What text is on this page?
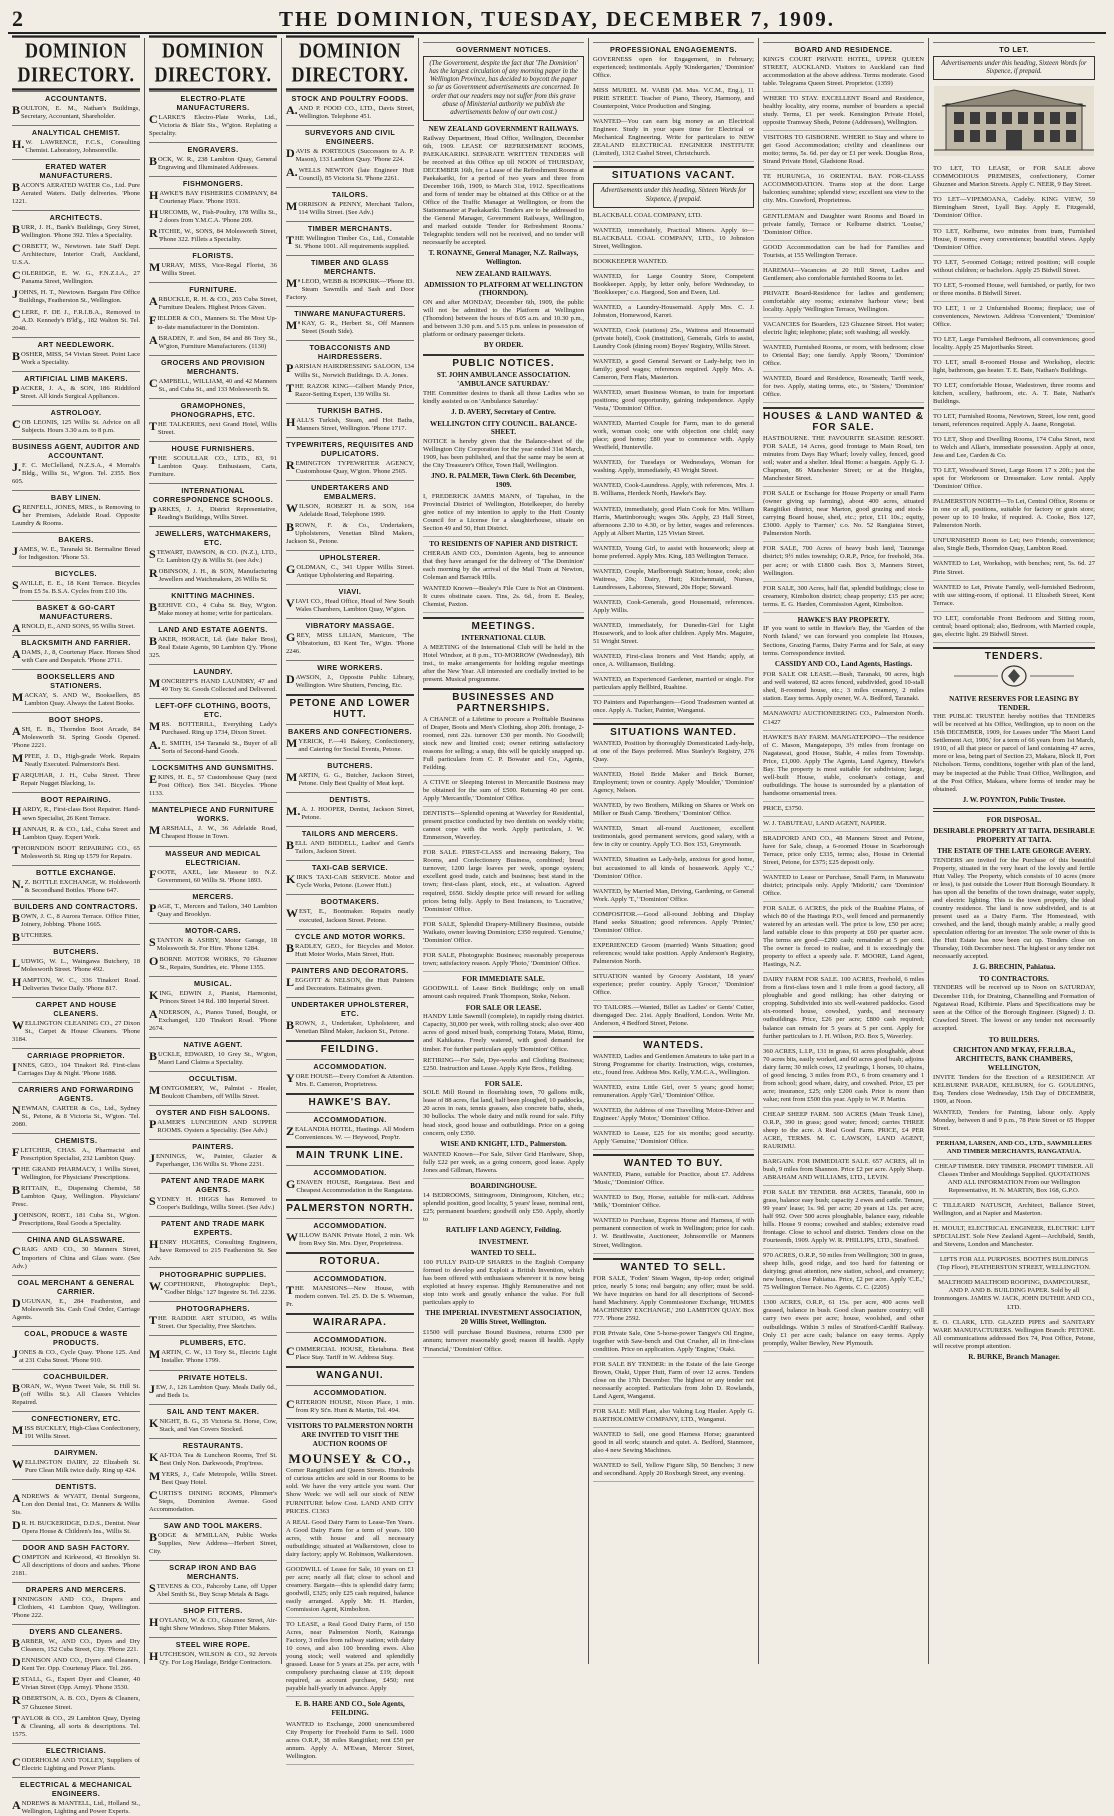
2	THE DOMINION, TUESDAY, DECEMBER 7, 1909.
DOMINION DIRECTORY.
ACCOUNTANTS.
BOULTON, E. M., Nathan's Buildings, Secretary, Accountant, Shareholder.
ANALYTICAL CHEMIST.
H.W. LAWRENCE, F.C.S., Consulting Chemist. Laboratory, Johnsonville.
ERATED WATER MANUFACTURERS.
BACON'S AERATED WATER Co., Ltd. Pure Aerated Waters. Daily deliveries. 'Phone 1221.
ARCHITECTS.
BURR, J. H., Bank's Buildings, Grey Street, Wellington. 'Phone 392. Tiles a Speciality.
CORBETT, W., Newtown. Iate Staff Dept. Architecture, Interior Craft, Auckland, U.S.A.
COLERIDGE, E. W. G., F.N.Z.I.A., 27 Panama Street, Wellington.
JOHNS, H. T., Newtown. Bargain Fire Office Buildings, Featherston St., Wellington.
CLERE, F. DE J., F.R.I.B.A., Removed to A.D. Kennedy's B'ld'g., 182 Walton St. Tel. 2048.
ART NEEDLEWORK.
BOSHER, MISS, 54 Vivian Street. Point Lace Work a Speciality.
ARTIFICIAL LIMB MAKERS.
PACKER, J. A., & SON, 186 Riddiford Street. All kinds Surgical Appliances.
ASTROLOGY.
COB LEONIS, 125 Willis St. Advice on all Subjects. Hours 3.30 a.m. to 8 p.m.
BUSINESS AGENT, AUDITOR AND ACCOUNTANT.
J.F. C. McClelland, N.Z.S.A., 4 Morrah's Bldg., Willis St., W'gton. Tel. 2355. Box 605.
BABY LINEN.
GRENFELL, JONES, MRS., is Removing to her Premises, Adelaide Road. Opposite Laundry & Rooms.
BAKERS.
JAMES, W. E., Taranaki St. Bermaline Bread for Indigestion. 'Phone 53.
BICYCLES.
SAVILLE, E. E., 18 Kent Terrace. Bicycles from £5 5s. B.S.A. Cycles from £10 10s.
BASKET & GO-CART MANUFACTURERS.
ARNOLD, E., AND SONS, 95 Willis Street.
BLACKSMITH AND FARRIER.
ADAMS, J., 8, Courtenay Place. Horses Shod with Care and Despatch. 'Phone 2711.
BOOKSELLERS AND STATIONERS.
MACKAY, S. AND W., Booksellers, 85 Lambton Quay. Always the Latest Books.
BOOT SHOPS.
ASH, E. B., Thorndon Boot Arcade, 84 Molesworth St. Spring Goods Opened. 'Phone 2221.
MPFEE, J. D., High-grade Work. Repairs Neatly Executed. Palmerston's Best.
FARQUHAR, J. H., Cuba Street. Three Repair Nugget Blacking, 1s.
BOOT REPAIRING.
HARDY, R., First-class Boot Repairer. Hand-sewn Specialist, 26 Kent Terrace.
HANNAH, R. & CO., Ltd., Cuba Street and Lambton Quay. Expert Work.
THORNDON BOOT REPAIRING CO., 65 Molesworth St. Ring up 1579 for Repairs.
BOTTLE EXCHANGE.
N.Z. BOTTLE EXCHANGE, W. Holdsworth & Secondhand Bottles. 'Phone 647.
BUILDERS AND CONTRACTORS.
BOWN, J. C., 8 Aurora Terrace. Office Fitter, Joinery, Jobbing. 'Phone 1665.
BUTCHERS.
BUTCHERS.
LUDWIG, W. L., Waingawa Butchery, 18 Molesworth Street. 'Phone 492.
HAMPTON, W. C., 336 Tinakori Road. Deliveries Twice Daily. 'Phone 817.
CARPET AND HOUSE CLEANERS.
WELLINGTON CLEANING CO., 27 Dixon St., Carpet & House Cleaners. 'Phone 3184.
CARRIAGE PROPRIETOR.
INNES, GEO., 104 Tinakori Rd. First-class Carriages Day & Night. 'Phone 1688.
CARRIERS AND FORWARDING AGENTS.
NEWMAN, CARTER & Co., Ltd., Sydney St., Petone, & 8 Victoria St., W'gton. 'Tel. 2080.
CHEMISTS.
FLETCHER, CHAS. A., Pharmacist and Prescription Specialist, 232 Lambton Quay.
THE GRAND PHARMACY, 1 Willis Street, Wellington, for Physicians' Prescriptions.
BRITTAIN, E., Dispensing Chemist, 58 Lambton Quay, Wellington. Physicians' Presc.
JOHNSON, ROBT., 181 Cuba St., W'gton. Prescriptions, Real Goods a Speciality.
CHINA AND GLASSWARE.
CRAIG AND CO., 30 Manners Street, Importers of China and Glass ware. (See Adv.)
COAL MERCHANT & GENERAL CARRIER.
DUGUNAN, E., 284 Featherston, and Molesworth Sts. Cash Coal Order, Carriage Agents.
COAL, PRODUCE & WASTE PRODUCTS.
JONES & CO., Cycle Quay. 'Phone 125. And at 231 Cuba Street. 'Phone 910.
COACHBUILDER.
BORAN, W., Wynn Tweet Vale, St. Hill St. (off Willis St.). All Classes Vehicles Repaired.
CONFECTIONERY, ETC.
MISS BUCKLEY, High-Class Confectionery, 191 Willis Street.
DAIRYMEN.
WELLINGTON DAIRY, 22 Elizabeth St. Pure Clean Milk twice daily. Ring up 424.
DENTISTS.
ANDREWS & WYATT, Dental Surgeons, Lon don Dental Inst., Cr. Manners & Willis Sts.
DR. H. BUCKERIDGE, D.D.S., Dentist. Near Opera House & Children's Ins., Willis St.
DOOR AND SASH FACTORY.
COMPTON and Kirkwood, 43 Brooklyn St. All descriptions of doors and sashes. 'Phone 2181.
DRAPERS AND MERCERS.
INNINGSON AND CO., Drapers and Clothiers, 41 Lambton Quay, Wellington. 'Phone 222.
DYERS AND CLEANERS.
BARBER, W., AND CO., Dyers and Dry Cleaners, 152 Cuba Street, City. 'Phone 221.
DENNISON AND CO., Dyers and Cleaners, Kent Ter. Opp. Courtenay Place. Tel. 266.
ESTALL, G., Expert Dyer and Cleaner, 40 Vivian Street (Opp. Army). 'Phone 3530.
ROBERTSON, A. B. CO., Dyers & Cleaners, 37 Ghuznee Street.
TAYLOR & CO., 29 Lambton Quay, Dyeing & Cleaning, all sorts & descriptions. Tel. 1575.
ELECTRICIANS.
CODERHOLM AND TOLLEY, Suppliers of Electric Lighting and Power Plants.
ELECTRICAL & MECHANICAL ENGINEERS.
ANDREWS & MANTELL, Ltd., Holland St., Wellington, Lighting and Power Experts.
DOMINION DIRECTORY.
ELECTRO-PLATE MANUFACTURERS.
CLARKE'S Electro-Plate Works, Ltd., Victoria & Blair Sts., W'gton. Replating a Speciality.
ENGRAVERS.
BOCK, W. R., 238 Lambton Quay, General Engraving and Illuminated Addresses.
FISHMONGERS.
HAWKE'S BAY FISHERIES COMPANY, 84 Courtenay Place. 'Phone 1931.
HURCOMB, W., Fish-Poultry, 178 Willis St., 2 doors from Y.M.C.A. 'Phone 209.
RITCHIE, W., SONS, 84 Molesworth Street, 'Phone 322. Fillets a Speciality.
FLORISTS.
MURRAY, MISS, Vice-Regal Florist, 36 Willis Street.
FURNITURE.
ARBUCKLE, R. H. & CO., 203 Cuba Street, Furniture Dealers. Highest Prices Given.
FIELDER & CO., Manners St. The Most Up-to-date manufacturer in the Dominion.
ABRADEN, F. and Son, 84 and 86 Tory St., W'gton, Furniture Manufacturers. (1130)
GROCERS AND PROVISION MERCHANTS.
CAMPBELL, WILLIAM, 40 and 42 Manners St., and Cuba St., and 133 Molesworth St.
GRAMOPHONES, PHONOGRAPHS, ETC.
THE TALKERIES, next Grand Hotel, Willis Street.
HOUSE FURNISHERS.
THE SCOULLAR CO., LTD., 83, 91 Lambton Quay. Enthusiasm, Carts, Furniture.
INTERNATIONAL CORRESPONDENCE SCHOOLS.
PARKES, J. J., District Representative, Reading's Buildings, Willis Street.
JEWELLERS, WATCHMAKERS, ETC.
STEWART, DAWSON, & CO. (N.Z.), LTD., Cr. Lambton Q'y & Willis St. (see Adv.)
ROBINSON, J. H., & SON, Manufacturing Jewellers and Watchmakers, 26 Willis St.
KNITTING MACHINES.
BEEHIVE CO., 4 Cuba St. Buy, W'gton. Make money at home; write for particulars.
LAND AND ESTATE AGENTS.
BAKER, HORACE, Ld. (late Baker Bros), Real Estate Agents, 90 Lambton Q'y. 'Phone 325.
LAUNDRY.
MONCRIEFF'S HAND LAUNDRY, 47 and 49 Tory St. Goods Collected and Delivered.
LEFT-OFF CLOTHING, BOOTS, ETC.
MRS. BOTTERILL, Everything Lady's Purchased. Ring up 1734, Dixon Street.
A.E. SMITH, 154 Taranaki St., Buyer of all Sorts of Second-hand Goods.
LOCKSMITHS AND GUNSMITHS.
EKINS, H. E., 57 Customhouse Quay (next Post Office). Box 341. Bicycles. 'Phone 1133.
MANTELPIECE AND FURNITURE WORKS.
MARSHALL, J. W., 36 Adelaide Road, Cheapest House in Town.
MASSEUR AND MEDICAL ELECTRICIAN.
FOOTE, AXEL, late Masseur to N.Z. Government, 60 Willis St. 'Phone 1893.
MERCERS.
PAGE, T., Mercers and Tailors, 340 Lambton Quay and Brooklyn.
MOTOR-CARS.
STANTON & ASHBY, Motor Garage, 18 Molesworth St. For Hire. 'Phone 1284.
OBORNE MOTOR WORKS, 70 Ghuznee St., Repairs, Sundries, etc. 'Phone 1355.
MUSICAL.
KING, EDWIN J., Pianist, Harmonist, Princes Street 14 Rd. 180 Imperial Street.
ANDERSON, A., Pianos Tuned, Bought, or Exchanged, 120 Tinakori Road. 'Phone 2674.
NATIVE AGENT.
BUCKLE, EDWARD, 10 Grey St., W'gton, Maori Land Claims a Speciality.
OCCULTISM.
MONTGOMERY, W., Palmist - Healer, Boulcott Chambers, off Willis Street.
OYSTER AND FISH SALOONS.
PALMER'S LUNCHEON AND SUPPER ROOMS. Oysters a Speciality. (See Adv.)
PAINTERS.
JENNINGS, W., Painter, Glazier & Paperhanger, 136 Willis St. 'Phone 2231.
PATENT AND TRADE MARK AGENTS.
SYDNEY H. HIGGS has Removed to Cooper's Buildings, Willis Street. (See Adv.)
PATENT AND TRADE MARK EXPERTS.
HENRY HUGHES, Consulting Engineers, have Removed to 215 Featherston St. See Adv.
PHOTOGRAPHIC SUPPLIES.
W.COPTHORNE, Photographic Dep't., 'Godber Bldgs.' 127 Ingestre St. Tel. 2236.
PHOTOGRAPHERS.
THE RADDIE ART STUDIO, 45 Willis Street. Our Speciality, Free Sketches.
PLUMBERS, ETC.
MARTIN, C. W., 13 Tory St., Electric Light Installer. 'Phone 1799.
PRIVATE HOTELS.
JEW, J., 126 Lambton Quay. Meals Daily 6d., and Beds 1s.
SAIL AND TENT MAKER.
KNIGHT, B. G., 35 Victoria St. Horse, Cow, Stack, and Van Covers Stocked.
RESTAURANTS.
KAI-TOA Tea & Luncheon Rooms, Tref St. Best Only Non. Darkwoods, Prop'tress.
MYERS, J., Cafe Metropole, Willis Street. Best Quay Hotel.
CURTIS'S DINING ROOMS, Plimmer's Steps, Dominion Avenue. Good Accommodation.
SAW AND TOOL MAKERS.
BODGE & M'MILLAN, Public Works Supplies, New Address—Herbert Street, City.
SCRAP IRON AND BAG MERCHANTS.
STEVENS & CO., Pahcroby Lane, off Upper Abel Smith St., Buy Scrap Metals & Bags.
SHOP FITTERS.
HOYLAND, W. & CO., Ghuznee Street, Air-tight Show Windows. Shop Fitter Makers.
STEEL WIRE ROPE.
HUTCHESON, WILSON & CO., 92 Jervois Q'y. For Log Haulage, Bridge Contractors.
DOMINION DIRECTORY.
STOCK AND POULTRY FOODS.
A.AND P. FOOD CO., LTD., Davis Street, Wellington. Telephone 451.
SURVEYORS AND CIVIL ENGINEERS.
DAVIS & PORTEOUS (Successors to A. P. Mason), 133 Lambton Quay. 'Phone 224.
A.WELLS NEWTON (late Engineer Hutt Council), 85 Victoria St. 'Phone 2261.
TAILORS.
MORRISON & PENNY, Merchant Tailors, 114 Willis Street. (See Adv.)
TIMBER MERCHANTS.
THE Wellington Timber Co., Ltd., Constable St. 'Phone 1001. All requirements supplied.
TIMBER AND GLASS MERCHANTS.
M'LEOD, WEBB & HOPKIRK—'Phone 83. Steam Sawmills and Sash and Door Factory.
TINWARE MANUFACTURERS.
M'KAY, G. R., Herbert St., Off Manners Street (South Side).
TOBACCONISTS AND HAIRDRESSERS.
PARISIAN HAIRDRESSING SALOON, 134 Willis St., Norwich Buildings. D. A. Jones.
THE RAZOR KING—Gilbert Mandy Price, Razor-Setting Expert, 139 Willis St.
TURKISH BATHS.
HALL'S Turkish, Steam, and Hot Baths, Manners Street, Wellington. 'Phone 1717.
TYPEWRITERS, REQUISITES AND DUPLICATORS.
REMINGTON TYPEWRITER AGENCY, Customhouse Quay, W'gton. 'Phone 2565.
UNDERTAKERS AND EMBALMERS.
WILSON, ROBERT H. & SON, 164 Adelaide Road, Telephone 1999.
BROWN, F. & Co., Undertakers, Upholsterers, Venetian Blind Makers, Jackson St., Petone.
UPHOLSTERER.
GOLDMAN, C., 341 Upper Willis Street. Antique Upholstering and Repairing.
VIAVI.
VIAVI CO., Head Office, Head of New South Wales Chambers, Lambton Quay, W'gton.
VIBRATORY MASSAGE.
GREY, MISS LILIAN, Manicure, 'The Vibratorium, 83 Kent Ter., W'gtn. 'Phone 2246.
WIRE WORKERS.
DAWSON, J., Opposite Public Library, Wellington. Wire Shutters, Fencing, Etc.
PETONE AND LOWER HUTT.
BAKERS AND CONFECTIONERS.
MYERICK, F.—41 Bakery, Confectionery, and Catering for Social Events, Petone.
BUTCHERS.
MARTIN, G. G., Butcher, Jackson Street, Petone. Only Best Quality of Meat kept.
DENTISTS.
M.A. J. HOOPER, Dentist, Jackson Street, Petone.
TAILORS AND MERCERS.
BELL AND BIDDELL, Ladies' and Gent's Tailors, Jackson Street.
TAXI-CAB SERVICE.
KIRK'S TAXI-CAB SERVICE. Motor and Cycle Works, Petone. (Lower Hutt.)
BOOTMAKERS.
WEST, E., Bootmaker. Repairs neatly executed, Jackson Street. Petone.
CYCLE AND MOTOR WORKS.
BRADLEY, GEO., for Bicycles and Motor. Hutt Motor Works, Main Street, Hutt.
PAINTERS AND DECORATORS.
LEGGOTT & NELSON, the Hutt Painters and Decorators. Estimates given.
UNDERTAKER UPHOLSTERER, ETC.
BROWN, J., Undertaker, Upholsterer, and Venetian Blind Maker, Jackson St., Petone.
FEILDING.
ACCOMMODATION.
YORE HOUSE—Every Comfort & Attention. Mrs. E. Cameron, Proprietress.
HAWKE'S BAY.
ACCOMMODATION.
ZEALANDIA HOTEL, Hastings. All Modern Conveniences. W. — Heywood, Prop'tr.
MAIN TRUNK LINE.
ACCOMMODATION.
GENAVEN HOUSE, Rangataua. Best and Cheapest Accommodation in the Rangataua.
PALMERSTON NORTH.
ACCOMMODATION.
WILLOW BANK Private Hotel, 2 min. Wk from Rwy Stn. Mrs. Dyer, Proprietress.
ROTORUA.
ACCOMMODATION.
THE MANSIONS—New House, with modern conven. Tel. 25. D. De S. Wiseman, Pr.
WAIRARAPA.
ACCOMMODATION.
COMMERCIAL HOUSE, Eketahuna. Best Place Stay. Tariff in W. Address Stay.
WANGANUI.
ACCOMMODATION.
CRITERION HOUSE, Nixon Place, 1 min. from R'y St'n. Hunt & Martin, Tel. 494.
VISITORS TO PALMERSTON NORTH ARE INVITED TO VISIT THE AUCTION ROOMS OF
MOUNSEY & CO.,
Corner Rangitikei and Queen Streets. Hundreds of curious articles are sold in our Rooms to be sold. We have the very article you want. Our Show Week: we will sell our stock of NEW FURNITURE below Cost. LAND AND CITY PRICES. C1363
A REAL Good Dairy Farm to Lease-Ten Years. A Good Dairy Farm for a term of years. 100 acres, with house and all necessary outbuildings; situated at Walkerstown, close to dairy factory; apply W. Robinson, Walkerstown.
GOODWILL of Lease for Sale, 10 years on £1 per acre; nearly all flat; close to school and creamery. Bargain—this is splendid dairy farm; goodwill, £325; only £25 cash required, balance easily arranged. Apply Mr. H. Harden, Commission Agent, Kimbolton.
TO LEASE, a Real Good Dairy Farm, of 150 Acres, near Palmerston North, Kairanga Factory, 3 miles from railway station; with dairy 10 cows, and also 100 breeding ewes. Also young stock; well watered and splendidly grassed. Lease for 5 years at 25s. per acre, with compulsory purchasing clause at £19; deposit required, as account purchase, £450; rent payable half-yearly in advance. Apply
E. B. HARE AND CO., Sole Agents, FEILDING.
WANTED to Exchange, 2000 unencumbered City Property for Freehold Farm to Sell. 1600 acres O.R.P., 38 miles Rangitikei; rent £50 per annum. Apply A. M'Ewan, Mercer Street, Wellington.
GOVERNMENT NOTICES.
(The Government, despite the fact that 'The Dominion' has the largest circulation of any morning paper in the Wellington Province, has decided to boycott the paper so far as Government advertisements are concerned. In order that our readers may not suffer from this grave abuse of Ministerial authority we publish the advertisements below of our own cost.)
NEW ZEALAND GOVERNMENT RAILWAYS.
Railway Department, Head Office, Wellington, December 6th, 1909. LEASE OF REFRESHMENT ROOMS, PAEKAKARIKI. SEPARATE WRITTEN TENDERS will be received at this Office up till NOON of THURSDAY, DECEMBER 16th, for a Lease of the Refreshment Rooms at Paekakariki, for a period of two years and three from December 16th, 1909, to March 31st, 1912. Specifications and form of tender may be obtained at this Office or at the Office of the Traffic Manager at Wellington, or from the Stationmaster at Paekakariki. Tenders are to be addressed to the General Manager, Government Railways, Wellington, and marked outside 'Tender for Refreshment Rooms.' Telegraphic tenders will not be received, and no tender will necessarily be accepted.
T. RONAYNE, General Manager, N.Z. Railways, Wellington.
NEW ZEALAND RAILWAYS.
ADMISSION TO PLATFORM AT WELLINGTON (THORNDON).
ON and after MONDAY, December 6th, 1909, the public will not be admitted to the Platform at Wellington (Thorndon) between the hours of 8.05 a.m. and 10.30 p.m., and between 3.30 p.m. and 5.15 p.m. unless in possession of platform or ordinary passenger tickets.
BY ORDER.
PUBLIC NOTICES.
ST. JOHN AMBULANCE ASSOCIATION. 'AMBULANCE SATURDAY.'
THE Committee desires to thank all those Ladies who so kindly assisted us on 'Ambulance Saturday.'
J. D. AVERY, Secretary of Centre.
WELLINGTON CITY COUNCIL. BALANCE-SHEET.
NOTICE is hereby given that the Balance-sheet of the Wellington City Corporation for the year ended 31st March, 1909, has been published, and that the same may be seen at the City Treasurer's Office, Town Hall, Wellington.
JNO. R. PALMER, Town Clerk. 6th December, 1909.
I, FREDERICK JAMES MANN, of Tapuhau, in the Provincial District of Wellington, Hotelkeeper, do hereby give notice of my intention to apply to the Hutt County Council for a License for a slaughterhouse, situate on Section 49 and 50, Hutt District.
TO RESIDENTS OF NAPIER AND DISTRICT.
CHERAB AND CO., Dominion Agents, beg to announce that they have arranged for the delivery of 'The Dominion' each morning by the arrival of the Mail Train at Newton, Coleman and Barrack Hills.
WANTED Known—Bealey's File Cure is Not an Ointment. It cures obstinate cases. Tins, 2s. 6d., from E. Bealey, Chemist, Paxton.
MEETINGS.
INTERNATIONAL CLUB.
A MEETING of the International Club will be held in the Hotel Windsor, at 8 p.m., TO-MORROW (Wednesday), 8th inst., to make arrangements for holding regular meetings after the New Year. All interested are cordially invited to be present. Musical programme.
BUSINESSES AND PARTNERSHIPS.
A CHANCE of a Lifetime to procure a Profitable Business of Draper, Boots and Men's Clothing, shop 20ft. frontage, 2-roomed, rent 22s. turnover £30 per month. No Goodwill; stock new and limited cost; owner retiring satisfactory reasons for selling; a snap, this will be quickly snapped up. Full particulars from C. P. Bowater and Co., Agents, Feilding.
A CTIVE or Sleeping Interest in Mercantile Business may be obtained for the sum of £500. Returning 40 per cent. Apply 'Mercantile,' 'Dominion' Office.
DENTISTS—Splendid opening at Waverley for Residential, present practice conducted by two dentists on weekly visits; cannot cope with the work. Apply particulars, J. W. Emmerson, Waverley.
FOR SALE. FIRST-CLASS and increasing Bakery, Tea Rooms, and Confectionery Business, combined; bread turnover, 1200 large loaves per week, sponge oysters; excellent good trade, catch and business; best stand in the town; first-class plant, stock, etc., at valuation. Agreed required, £650. Sickly despite price will reward for selling prices being fully. Apply to Best Instances, to 'Lucrative,' 'Dominion' Office.
FOR SALE, Splendid Drapery-Millinery Business, outside Waikato, owner leaving Dominion; £350 required. 'Genuine,' 'Dominion' Office.
FOR SALE, Photographic Business; reasonably prosperous town; satisfactory reason. Apply 'Photo,' 'Dominion' Office.
FOR IMMEDIATE SALE.
GOODWILL of Lease Brick Buildings; only on small amount cash required. Frank Thompson, Stoke, Nelson.
FOR SALE OR LEASE.
HANDY Little Sawmill (complete), in rapidly rising district. Capacity, 30,000 per week, with rolling stock; also over 400 acres of good mixed bush, comprising Totara, Matai, Rimu, and Kahikatea. Freely watered, with good demand for timber. For further particulars apply 'Dominion' Office.
RETIRING—For Sale, Dye-works and Clothing Business; £250. Instruction and Lease. Apply Kyte Bros., Feilding.
FOR SALE.
SOLE Mill Round in flourishing town, 70 gallons milk, lease of 88 acres, flat land, half been ploughed, 10 paddocks, 20 acres in oats, tennis grasses, also concrete baths, sheds, 30 bullocks. The whole dairy and milk round for sale. Fifty head stock, good house and outbuildings. Price on a going concern, only £350.
WISE AND KNIGHT, LTD., Palmerston.
WANTED Known—For Sale, Silver Grid Hardware, Shop, fully £22 per week, as a going concern, good lease. Apply Jones and Gillman, Hawera.
BOARDINGHOUSE.
14 BEDROOMS, Sittingroom, Diningroom, Kitchen, etc.; splendid position, good locality, 5 years' lease, nominal rent, £25; permanent boarders; goodwill only £50. Apply, shortly to
RATLIFF LAND AGENCY, Feilding.
INVESTMENT.
WANTED TO SELL.
100 FULLY PAID-UP SHARES in the English Company formed to develop and Exploit a British Invention, which has been offered with enthusiasm wherever it is now being exploited at heavy expense. Highly Remunerative and not stop into work and greatly enhance the value. For full particulars apply to
THE IMPERIAL INVESTMENT ASSOCIATION, 20 Willis Street, Wellington.
£1500 will purchase Bound Business, returns £300 per annum; turnover reasonably good; reason ill health. Apply 'Financial,' 'Dominion' Office.
PROFESSIONAL ENGAGEMENTS.
GOVERNESS open for Engagement, in February; experienced; testimonials. Apply 'Kindergarten,' 'Dominion' Office.
MISS MURIEL M. VABB (M. Mus. V.C.M., Eng.), 11 PIRIE STREET. Teacher of Piano, Theory, Harmony, and Counterpoint, Voice Production and Singing.
WANTED—You can earn big money as an Electrical Engineer. Study in your spare time for Electrical or Mechanical Engineering. Write for particulars to NEW ZEALAND ELECTRICAL ENGINEER INSTITUTE (Limited), 1312 Cashel Street, Christchurch.
SITUATIONS VACANT.
Advertisements under this heading, Sixteen Words for Sixpence, if prepaid.
BLACKBALL COAL COMPANY, LTD.
WANTED, immediately, Practical Miners. Apply to— BLACKBALL COAL COMPANY, LTD., 10 Johnston Street, Wellington.
BOOKKEEPER WANTED.
WANTED, for Large Country Store, Competent Bookkeeper. Apply, by letter only, before Wednesday, to 'Bookkeeper,' c.o. Hargood, Son and Ewen, Ltd.
WANTED, a Laundry-Housemaid. Apply Mrs. C. J. Johnston, Homewood, Karori.
WANTED, Cook (stations) 25s., Waitress and Housemaid (private hotel), Cook (institution), Generals, Girls to assist, Laundry Cook (dining room) Boyes' Registry, Willis Street.
WANTED, a good General Servant or Lady-help; two in family; good wages; references required. Apply Mrs. A. Cameron, Fern Flats, Masterton.
WANTED, smart Business Woman, to train for important positions; good opportunity, gaining independence. Apply 'Vesta,' 'Dominion' Office.
WANTED, Married Couple for Farm, man to do general work, woman cook; one with objection one child; easy place; good home; £80 year to commence with. Apply Westfield, Hunterville.
WANTED, for Tuesdays or Wednesdays, Woman for washing. Apply, immediately, 43 Wright Street.
WANTED, Cook-Laundress. Apply, with references, Mrs. J. B. Williams, Herdeck North, Hawke's Bay.
WANTED, immediately, good Plain Cook for Mrs. William Harris, Martinborough; wages 30s. Apply, 23 Hall Street, afternoons 2.30 to 4.30, or by letter, wages and references. Apply at Albert Martin, 125 Vivian Street.
WANTED, Young Girl, to assist with housework; sleep at home preferred. Apply Mrs. King, 183 Wellington Terrace.
WANTED, Couple, Marlborough Station; house, cook; also Waitress, 20s; Dairy, Hutt; Kitchenmaid, Nurses, Laundresses, Laboress, Steward, 20s Hope; Steward.
WANTED, Cook-Generals, good Housemaid, references. Apply Willis.
WANTED, immediately, for Dunedin-Girl for Light Housework, and to look after children. Apply Mrs. Maguire, 51 Wright Street.
WANTED, First-class Ironers and Vest Hands; apply, at once, A. Williamson, Building.
WANTED, an Experienced Gardener, married or single. For particulars apply Bellbird, Ruahine.
TO Painters and Paperhangers—Good Tradesmen wanted at once. Apply A. Tucker, Painter, Wanganui.
SITUATIONS WANTED.
WANTED, Position by thoroughly Domesticated Lady-help, at one of the Bays preferred. Miss Stanley's Registry, 276 Quay.
WANTED, Hotel Bride Maker and Brick Burner, Employment; town or country. Apply 'Moulder,' 'Dominion' Agency, Nelson.
WANTED, by two Brothers, Milking on Shares or Work on Milker or Bush Camp. 'Brothers,' 'Dominion' Office.
WANTED, Smart all-round Auctioneer, excellent testimonials, good permanent services, good salary, with a few in city or country. Apply T.O. Box 153, Greymouth.
WANTED, Situation as Lady-help, anxious for good home, but accustomed to all kinds of housework. Apply 'C.,' 'Dominion' Office.
WANTED, by Married Man, Driving, Gardening, or General Work. Apply 'T.,' 'Dominion' Office.
COMPOSITOR.—Good all-round Jobbing and Display Hand seeks Situation; good references. Apply 'Printer,' 'Dominion' Office.
EXPERIENCED Groom (married) Wants Situation; good references; would take position. Apply Anderson's Registry, Palmerston North.
SITUATION wanted by Grocery Assistant, 18 years' experience; prefer country. Apply 'Grocer,' 'Dominion' Office.
TO TAILORS.—Wanted, Billet as Ladies' or Gents' Cutter, disengaged Dec. 21st. Apply Bradford, London. Write Mr. Anderson, 4 Bedford Street, Petone.
WANTEDS.
WANTED, Ladies and Gentlemen Amateurs to take part in a Strong Programme for charity. Instruction, wigs, costumes, etc., found free. Address Mrs. Kelly, Y.M.C.A., Wellington.
WANTED, extra Little Girl, over 5 years; good home; remuneration. Apply 'Girl,' 'Dominion' Office.
WANTED, the Address of one Travelling 'Motor-Driver and Engineer.' Apply 'Motor,' 'Dominion' Office.
WANTED to Lease, £25 for six months; good security. Apply 'Genuine,' 'Dominion' Office.
WANTED TO BUY.
WANTED, Piano, suitable for Practice, about £7. Address 'Music,' 'Dominion' Office.
WANTED to Buy, Horse, suitable for milk-cart. Address 'Milk,' 'Dominion' Office.
WANTED to Purchase, Express Horse and Harness, if with permanent connection of work in Wellington; price for cash. J. W. Braithwaite, Auctioneer, Johnsonville or Manners Street, Wellington.
WANTED TO SELL.
FOR SALE, 'Foden' Steam Wagon, tip-top order; original price, nearly 5 tons; real bargain; any offer; must be sold. We have inquiries on hand for all descriptions of Second-hand Machinery. Apply Commissioner Exchange, 'HUMES MACHINERY EXCHANGE,' 260 LAMBTON QUAY. Box 777. 'Phone 2592.
FOR Private Sale, One 5-horse-power Tangye's Oil Engine, together with Saw-bench and Out Crusher, all in first-class condition. Price on application. Apply 'Engine,' Otaki.
FOR SALE BY TENDER: in the Estate of the late George Brown, Otaki, Upper Hutt, Farm of over 12 acres. Tenders close on the 17th December. The highest or any tender not necessarily accepted. Particulars from John D. Rowlands, Land Agent, Wanganui.
FOR SALE: Mill Plant, also Valuing Log Hauler. Apply G. BARTHOLOMEW COMPANY, LTD., Wanganui.
WANTED to Sell, one good Harness Horse; guaranteed good in all work; staunch and quiet. A. Bedford, Stanmore, also 4 new Sewing Machines.
WANTED to Sell, Yellow Figure Slip, 50 Benches; 3 new and secondhand. Apply 20 Roxburgh Street, any evening.
BOARD AND RESIDENCE.
KING'S COURT PRIVATE HOTEL, UPPER QUEEN STREET, AUCKLAND. Visitors to Auckland can find accommodation at the above address. Terms moderate. Good table. Telegrams Queen Street. Proprietor. (1359)
WHERE TO STAY. EXCELLENT Board and Residence, healthy locality, airy rooms, number of boarders a special study. Terms, £1 per week. Kensington Private Hotel, opposite Tramway Sheds, Petone (Addresses), Wellington.
VISITORS TO GISBORNE. WHERE to Stay and where to get Good Accommodation; civility and cleanliness our motto; terms, 5s. 6d. per day or £1 per week. Douglas Ross, Strand Private Hotel, Gladstone Road.
TE HURUNGA, 16 ORIENTAL BAY. FOR-CLASS ACCOMMODATION. Trams stop at the door. Large balconies; sunshine; splendid view; excellent sea view to the city. Mrs. Crawford, Proprietress.
GENTLEMAN and Daughter want Rooms and Board in private family, Terrace or Kelburne district. 'Louise,' 'Dominion' Office.
GOOD Accommodation can be had for Families and Tourists, at 155 Wellington Terrace.
HAREMAI—Vacancies at 20 Hill Street, Ladies and Gentlemen; also comfortable furnished Rooms to let.
PRIVATE Board-Residence for ladies and gentlemen; comfortable airy rooms; extensive harbour view; best locality. Apply 'Wellington Terrace, Wellington.
VACANCIES for Boarders, 123 Ghuznee Street. Hot water; electric light; telephone; plate; soft washing; all weekly.
WANTED, Furnished Rooms, or room, with bedroom; close to Oriental Bay; one family. Apply 'Room,' 'Dominion' Office.
WANTED, Board and Residence, Roseneath; Tariff week, for two. Apply, stating terms, etc., to 'Sisters,' 'Dominion' Office.
HOUSES & LAND WANTED & FOR SALE.
HASTBOURNE. THE FAVOURITE SEASIDE RESORT. FOR SALE, 14 Acres, good frontage to Main Road, ten minutes from Days Bay Wharf; lovely valley, fenced, good soil; water and a shelter. Ideal Home: a bargain. Apply G. J. Chapman, 86 Manchester Street; or at the Heights, Manchester Street.
FOR SALE or Exchange for House Property or small Farm (owner giving up farming), about 400 acres, situated Rangitikei district, near Marton, good grazing and stock-carrying Board house, shed, etc.; price, £11 10s.; equity, £3000. Apply to 'Farmer,' c.o. No. 52 Rangiatea Street, Palmerston North.
FOR SALE, 700 Acres of heavy bush land, Tauranga district; 9½ miles township; O.R.P., Price, for freehold, 36s. per acre; or with £1800 cash. Box 3, Manners Street, Wellington.
FOR SALE, 300 Acres, half flat, splendid buildings; close to creamery, Kimbolton district; cheap property; £15 per acre; terms. E. G. Harden, Commission Agent, Kimbolton.
HAWKE'S BAY PROPERTY.
IF you want to settle in Hawke's Bay, the 'Garden of the North Island,' we can forward you complete list Houses, Sections, Grazing Farms, Dairy Farms and for Sale, at easy terms. Correspondence invited.
CASSIDY AND CO., Land Agents, Hastings.
FOR SALE OR LEASE.—Bush, Taranaki, 90 acres, high and well watered, 82 acres fenced, subdivided, good 10-stall shed, 8-roomed house, etc.; 3 miles creamery, 2 miles station. Easy terms. Apply owner, W. A. Bedford, Taranaki.
MANAWATU AUCTIONEERING CO., Palmerston North. C1427
HAWKE'S BAY FARM. MANGATEPOPO—The residence of C. Mason, Mangatepopo, 3½ miles from frontage on Nagatawai, good House, Stable, 4 miles from Township. Price, £1,000. Apply The Agents, Land Agency, Hawke's Bay. The property is most suitable for subdivision; large, well-built House, stable, cookman's cottage, and outbuildings. The house is surrounded by a plantation of handsome ornamental trees.
PRICE, £3750.
W. J. TABUTEAU, LAND AGENT, NAPIER.
BRADFORD AND CO., 48 Manners Street and Petone, have for Sale, cheap, a 6-roomed House in Scarborough Terrace, price only £335, terms; also, House in Oriental Street, Petone, for £375; £25 deposit only.
WANTED to Lease or Purchase, Small Farm, in Manawatu district; principals only. Apply 'Midoriti,' care 'Dominion' Office.
FOR SALE. 6 ACRES, the pick of the Ruahine Plains, of which 80 of the Hastings P.O., well fenced and permanently watered by an artesian well. The price is low, £50 per acre; land suitable close to this property at £60 per quarter acre. The terms are good—£200 cash; remainder at 5 per cent. The owner is forced to realise, and it is exceedingly the property to effect a speedy sale. F. MOORE, Land Agent, Hastings, N.Z.
DAIRY FARM FOR SALE. 100 ACRES, Freehold, 6 miles from a first-class town and 1 mile from a good factory, all ploughable and good milking; has other dairying or cropping. Subdivided into six well-watered paddocks. Good six-roomed house, cowshed, yards, and necessary outbuildings. Price, £26 per acre; £800 cash required; balance can remain for 5 years at 5 per cent. Apply for further particulars to J. H. Wilson, P.O. Box 5, Waverley.
360 ACRES, L.I.P., 131 in grass, 61 acres ploughable, about 70 acres bits, easily worked, and 60 acres good bush; adjoins dairy farm; 30 milch cows, 12 yearlings, 1 horses, 10 chains, of good fencing, 3 miles from P.O., 6 from creamery and 1 from school; good whare, dairy, and cowshed. Price, £5 per acre; insurance, £25; only £200 cash. Price is more than value; rent from £500 this year. Apply to W. P. Martin.
CHEAP SHEEP FARM. 500 ACRES (Main Trunk Line), O.R.P., 390 in grass; good water; fenced; carries THREE sheep to the acre. A Real Good Farm. PRICE, £4 PER ACRE, TERMS. M. C. LAWSON, LAND AGENT, RAURIMU.
BARGAIN. FOR IMMEDIATE SALE. 657 ACRES, all in bush, 9 miles from Shannon. Price £2 per acre. Apply Sharp. ABRAHAM AND WILLIAMS, LTD., LEVIN.
FOR SALE BY TENDER. 868 ACRES, Taranaki, 600 in grass, balance easy bush; capacity 2 ewes and cattle. Tenure, 99 years' lease; 1s. 9d. per acre; 20 years at 12s. per acre; half 992. Over 500 acres ploughable, balance easy, rideable hills. House 9 rooms; cowshed and stables; extensive road frontage. Close to school and district. Tenders close on the Fourteenth, 1909. Apply W. R. PHILLIPS, LTD., Stratford.
970 ACRES, O.R.P., 50 miles from Wellington; 300 in grass, sheep hills, good ridge, and too hard for fattening or dairying; great attention, new station, school, and creamery; new homes, close Pahiatua. Price, £2 per acre. Apply 'C.E.,' 75 Wellington Terrace. No Agents. C. C. (2205)
1300 ACRES, O.R.P., 61 15s. per acre, 400 acres well grassed, balance in bush. Good clean pasture country; will carry two ewes per acre; house, woolshed, and other outbuildings. Within 3 miles of Stratford-Cardiff Railway. Only £1 per acre cash; balance on easy terms. Apply promptly, Walter Bewley, New Plymouth.
TO LET.
Advertisements under this heading, Sixteen Words for Sixpence, if prepaid.
TO LET, TO LEASE, or FOR SALE above COMMODIOUS PREMISES, confectionery, Corner Ghuznee and Marion Streets. Apply C. NEER, 9 Bay Street.
TO LET—VIPEMOANA, Cadeby. KING VIEW, 59 Birmingham Street, Lyall Bay. Apply E. Fitzgerald, 'Dominion' Office.
TO LET, Kelburne, two minutes from tram, Furnished House, 8 rooms; every convenience; beautiful views. Apply 'Dominion' Office.
TO LET, 5-roomed Cottage; retired position; will couple without children; or bachelors. Apply 25 Bidwill Street.
TO LET, 5-roomed House, well furnished, or partly, for two or three months. 8 Bidwill Street.
TO LET, 1 or 2 Unfurnished Rooms; fireplace; use of conveniences, Newtown. Address 'Convenient,' 'Dominion' Office.
TO LET, Large Furnished Bedroom, all conveniences; good locality. Apply 25 Majoribanks Street.
TO LET, small 8-roomed House and Workshop, electric light, bathroom, gas heater. T. E. Bate, Nathan's Buildings.
TO LET, comfortable House, Wadestown, three rooms and kitchen, scullery, bathroom, etc. A. T. Bate, Nathan's Buildings.
TO LET, Furnished Rooms, Newtown, Street, low rent, good tenant, references required. Apply A. Jaane, Rongotai.
TO LET, Shop and Dwelling Rooms, 174 Cuba Street, next to Welch and Allan's, immediate possession. Apply at once, Jess and Lee, Carden & Co.
TO LET, Woodward Street, Large Room 17 x 20ft.; just the spot for Workroom or Dressmaker. Low rental. Apply 'Dominion' Office.
PALMERSTON NORTH—To Let, Central Office, Rooms or in one or all, positions, suitable for factory or grain store; power up to 10 brake, if required. A. Cooke, Box 127, Palmerston North.
UNFURNISHED Room to Let; two Friends; convenience; also, Single Beds, Thorndon Quay, Lambton Road.
WANTED to Let, Workshop, with benches; rent, 5s. 6d. 27 Pirie Street.
WANTED to Let, Private Family, well-furnished Bedroom, with use sitting-room, if optional. 11 Elizabeth Street, Kent Terrace.
TO LET, comfortable Front Bedroom and Sitting room, central; board optional; also, Bedroom, with Married couple, gas, electric light. 29 Bidwill Street.
TENDERS.
NATIVE RESERVES FOR LEASING BY TENDER.
THE PUBLIC TRUSTEE hereby notifies that TENDERS will be received at his Office, Wellington, up to noon on the 15th DECEMBER, 1909, for Leases under 'The Maori Land Settlement Act, 1906,' for a term of 66 years from 1st March, 1910, of all that piece or parcel of land containing 47 acres, more or less, being part of Section 23, Makara, Block II, Port Nicholson. Terms, conditions, together with plan of the land, may be inspected at the Public Trust Office, Wellington, and at the Post Office, Makara, where forms of tender may be obtained.
J. W. POYNTON, Public Trustee.
FOR DISPOSAL.
DESIRABLE PROPERTY AT TAITA. DESIRABLE PROPERTY AT TAITA.
THE ESTATE OF THE LATE GEORGE AVERY.
TENDERS are invited for the Purchase of this beautiful Property, situated in the very heart of the lovely and fertile Hutt Valley. The Property, which consists of 10 acres (more or less), is just outside the Lower Hutt Borough Boundary. It has upon all the benefits of the town drainage, water supply, and electric lighting. This is the town property, the ideal country residence. The land is now subdivided, and is at present used as a Dairy Farm. The Homestead, with cowshed, and the land, though mainly arable; a really good speculation offering for an investor. The sole owner of this is the Hutt Estate has now been cut up. Tenders close on Thursday, 16th December next. The highest or any tender not necessarily accepted.
J. G. BRECHIN, Pahiatua.
TO CONTRACTORS.
TENDERS will be received up to Noon on SATURDAY, December 11th, for Draining, Channelling and Formation of Ngatawai Road, Kilbirnie. Plans and Specifications may be seen at the Office of the Borough Engineer. (Signed) J. D. Crawford Street. The lowest or any tender not necessarily accepted.
TO BUILDERS.
CRICHTON AND M'KAY, FF.R.I.B.A., ARCHITECTS, BANK CHAMBERS, WELLINGTON,
INVITE Tenders for the Erection of a RESIDENCE AT KELBURNE PARADE, KELBURN, for G. GOULDING, Esq. Tenders close Wednesday, 15th Day of DECEMBER, 1909, at Noon.
WANTED, Tenders for Painting, labour only. Apply Monday, between 8 and 9 p.m., 78 Pirie Street or 65 Hopper Street.
PERHAM, LARSEN, AND CO., LTD., SAWMILLERS AND TIMBER MERCHANTS, RANGATAUA.
CHEAP TIMBER. DRY TIMBER. PROMPT TIMBER. All Classes Timber and Mouldings Supplied. QUOTATIONS AND ALL INFORMATION From our Wellington Representative, H. N. MARTIN, Box 168, G.P.O.
C TILLEARD NATUSCH, Architect, Ballance Street, Wellington, and at Napier and Masterton.
H. MOULT, ELECTRICAL ENGINEER, ELECTRIC LIFT SPECIALIST. Sole New Zealand Agent—Archibald, Smith, and Stevens, London and Manchester.
LIFTS FOR ALL PURPOSES. BOOTH'S BUILDINGS (Top Floor), FEATHERSTON STREET, WELLINGTON.
MALTHOID MALTHOID ROOFING, DAMPCOURSE, AND P. AND B. BUILDING PAPER. Sold by all Ironmongers. JAMES W. JACK, JOHN DUTHIE AND CO., LTD.
E. O. CLARK, LTD. GLAZED PIPES and SANITARY WARE MANUFACTURERS. Wellington Branch: PETONE. All communications addressed Box 74, Post Office, Petone, will receive prompt attention.
R. BURKE, Branch Manager.
